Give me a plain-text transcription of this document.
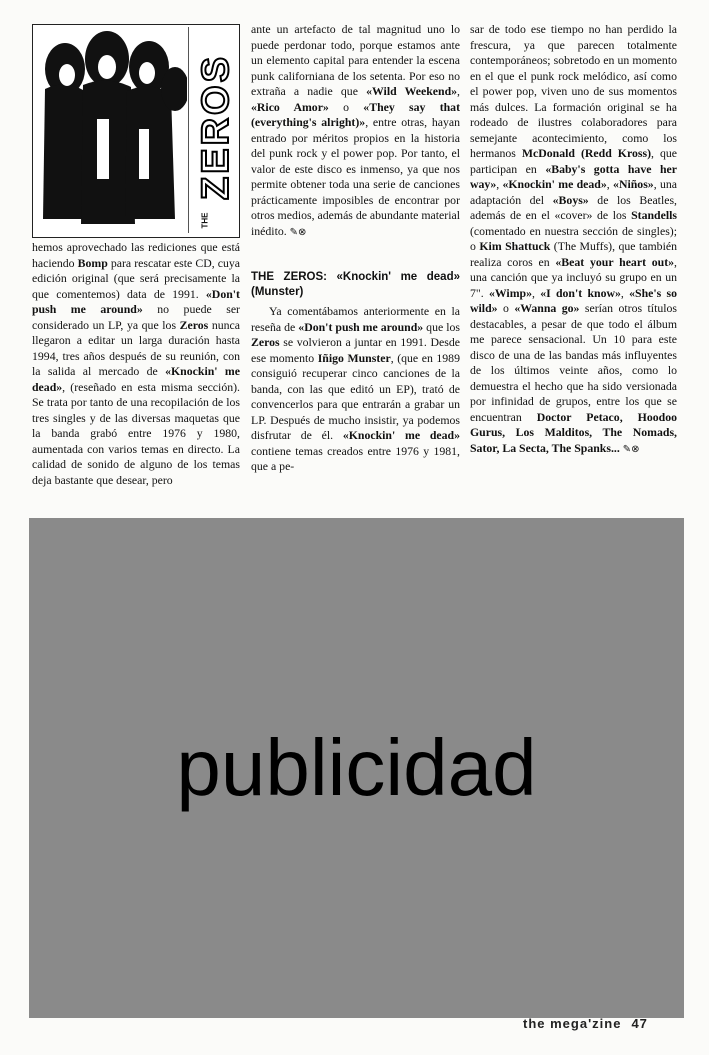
ZEROS
THE

hemos aprovechado las rediciones que está haciendo Bomp para rescatar este CD, cuya edición original (que será precisamente la que comentemos) data de 1991. «Don't push me around» no puede ser considerado un LP, ya que los Zeros nunca llegaron a editar un larga duración hasta 1994, tres años después de su reunión, con la salida al mercado de «Knockin' me dead», (reseñado en esta misma sección). Se trata por tanto de una recopilación de los tres singles y de las diversas maquetas que la banda grabó entre 1976 y 1980, aumentada con varios temas en directo. La calidad de sonido de alguno de los temas deja bastante que desear, pero

ante un artefacto de tal magnitud uno lo puede perdonar todo, porque estamos ante un elemento capital para entender la escena punk californiana de los setenta. Por eso no extraña a nadie que «Wild Weekend», «Rico Amor» o «They say that (everything's alright)», entre otras, hayan entrado por méritos propios en la historia del punk rock y el power pop. Por tanto, el valor de este disco es inmenso, ya que nos permite obtener toda una serie de canciones prácticamente imposibles de encontrar por otros medios, además de abundante material inédito. ✎⊗

THE ZEROS: «Knockin' me dead» (Munster)

Ya comentábamos anteriormente en la reseña de «Don't push me around» que los Zeros se volvieron a juntar en 1991. Desde ese momento Iñigo Munster, (que en 1989 consiguió recuperar cinco canciones de la banda, con las que editó un EP), trató de convencerlos para que entrarán a grabar un LP. Después de mucho insistir, ya podemos disfrutar de él. «Knockin' me dead» contiene temas creados entre 1976 y 1981, que a pe-

sar de todo ese tiempo no han perdido la frescura, ya que parecen totalmente contemporáneos; sobretodo en un momento en el que el punk rock melódico, así como el power pop, viven uno de sus momentos más dulces. La formación original se ha rodeado de ilustres colaboradores para semejante acontecimiento, como los hermanos McDonald (Redd Kross), que participan en «Baby's gotta have her way», «Knockin' me dead», «Niños», una adaptación del «Boys» de los Beatles, además de en el «cover» de los Standells (comentado en nuestra sección de singles); o Kim Shattuck (The Muffs), que también realiza coros en «Beat your heart out», una canción que ya incluyó su grupo en un 7". «Wimp», «I don't know», «She's so wild» o «Wanna go» serían otros títulos destacables, a pesar de que todo el álbum me parece sensacional. Un 10 para este disco de una de las bandas más influyentes de los últimos veinte años, como lo demuestra el hecho que ha sido versionada por infinidad de grupos, entre los que se encuentran Doctor Petaco, Hoodoo Gurus, Los Malditos, The Nomads, Sator, La Secta, The Spanks... ✎⊗

publicidad
the mega'zine 47
